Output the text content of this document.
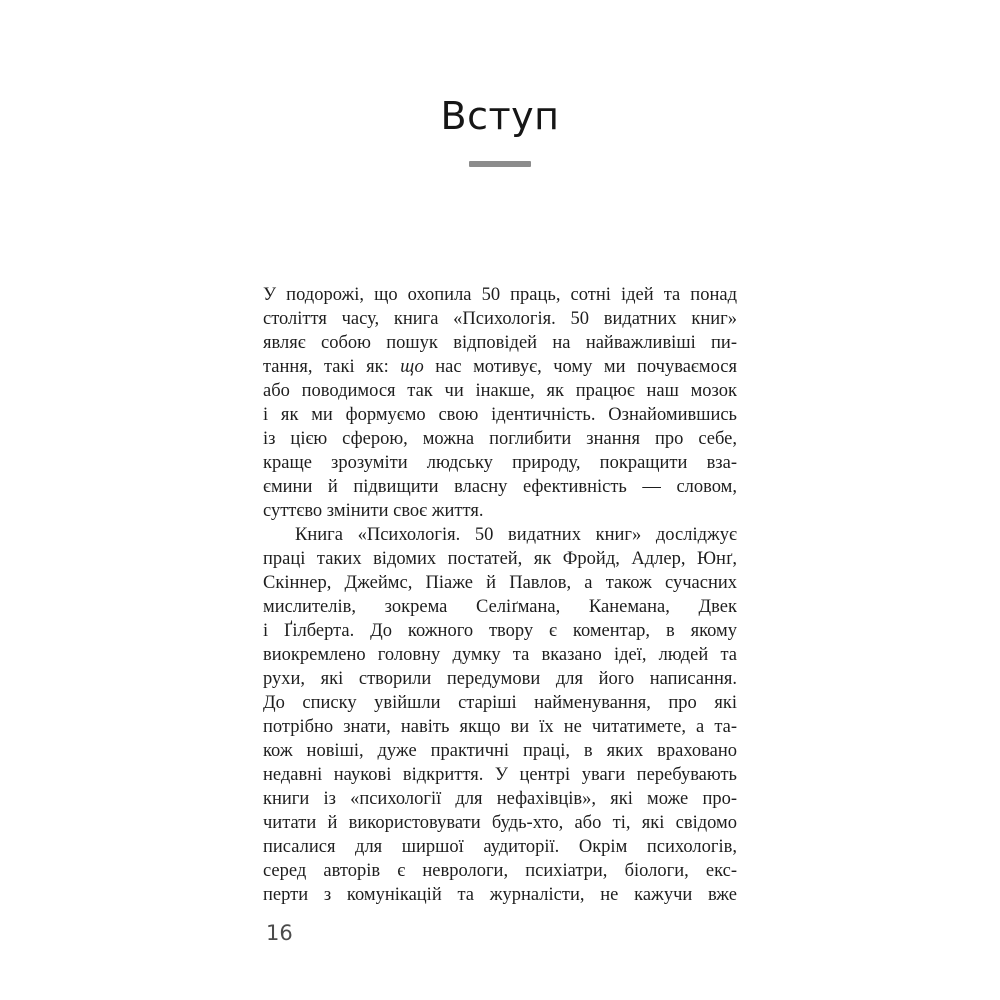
Вступ
У подорожі, що охопила 50 праць, сотні ідей та понад
століття часу, книга «Психологія. 50 видатних книг»
являє собою пошук відповідей на найважливіші пи-
тання, такі як: що нас мотивує, чому ми почуваємося
або поводимося так чи інакше, як працює наш мозок
і як ми формуємо свою ідентичність. Ознайомившись
із цією сферою, можна поглибити знання про себе,
краще зрозуміти людську природу, покращити вза-
ємини й підвищити власну ефективність — словом,
суттєво змінити своє життя.
Книга «Психологія. 50 видатних книг» досліджує
праці таких відомих постатей, як Фройд, Адлер, Юнґ,
Скіннер, Джеймс, Піаже й Павлов, а також сучасних
мислителів, зокрема Селіґмана, Канемана, Двек
і Ґілберта. До кожного твору є коментар, в якому
виокремлено головну думку та вказано ідеї, людей та
рухи, які створили передумови для його написання.
До списку увійшли старіші найменування, про які
потрібно знати, навіть якщо ви їх не читатимете, а та-
кож новіші, дуже практичні праці, в яких враховано
недавні наукові відкриття. У центрі уваги перебувають
книги із «психології для нефахівців», які може про-
читати й використовувати будь-хто, або ті, які свідомо
писалися для ширшої аудиторії. Окрім психологів,
серед авторів є неврологи, психіатри, біологи, екс-
перти з комунікацій та журналісти, не кажучи вже
16
